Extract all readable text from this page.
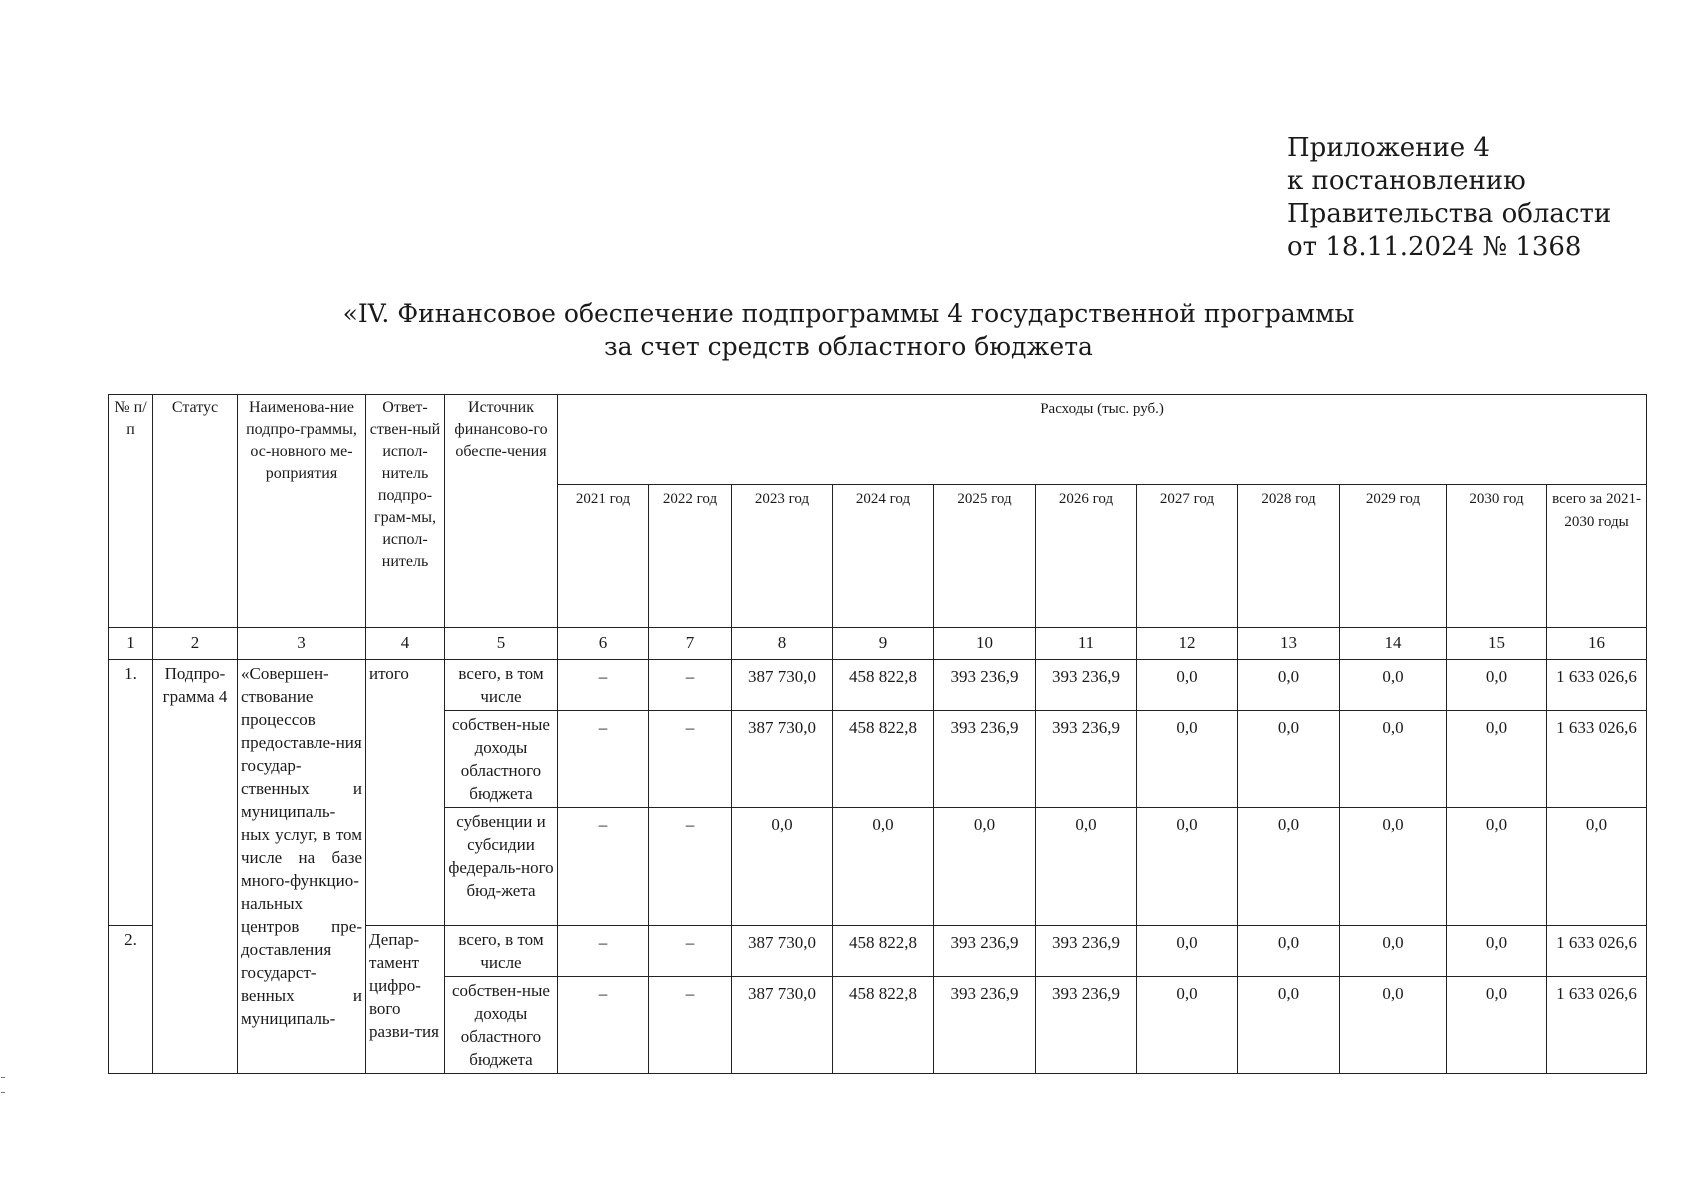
Приложение 4
к постановлению
Правительства области
от 18.11.2024 № 1368
«IV. Финансовое обеспечение подпрограммы 4 государственной программы
за счет средств областного бюджета
№ п/п	Статус	Наименова-ние подпро-граммы, ос-новного ме-роприятия	Ответ-ствен-ный испол-нитель подпро-грам-мы, испол-нитель	Источник финансово-го обеспе-чения	Расходы (тыс. руб.)										
					2021 год	2022 год	2023 год	2024 год	2025 год	2026 год	2027 год	2028 год	2029 год	2030 год	всего за 2021-2030 годы
1	2	3	4	5	6	7	8	9	10	11	12	13	14	15	16
1.	Подпро-грамма 4	«Совершен-ствование процессов предоставле-ния государ-ственных и муниципаль-ных услуг, в том числе на базе много-функцио-нальных центров пре-доставления государст-венных и муниципаль-	итого	всего, в том числе	–	–	387 730,0	458 822,8	393 236,9	393 236,9	0,0	0,0	0,0	0,0	1 633 026,6
				собствен-ные доходы областного бюджета	–	–	387 730,0	458 822,8	393 236,9	393 236,9	0,0	0,0	0,0	0,0	1 633 026,6
				субвенции и субсидии федераль-ного бюд-жета	–	–	0,0	0,0	0,0	0,0	0,0	0,0	0,0	0,0	0,0
2.			Депар-тамент цифро-вого разви-тия	всего, в том числе	–	–	387 730,0	458 822,8	393 236,9	393 236,9	0,0	0,0	0,0	0,0	1 633 026,6
				собствен-ные доходы областного бюджета	–	–	387 730,0	458 822,8	393 236,9	393 236,9	0,0	0,0	0,0	0,0	1 633 026,6
